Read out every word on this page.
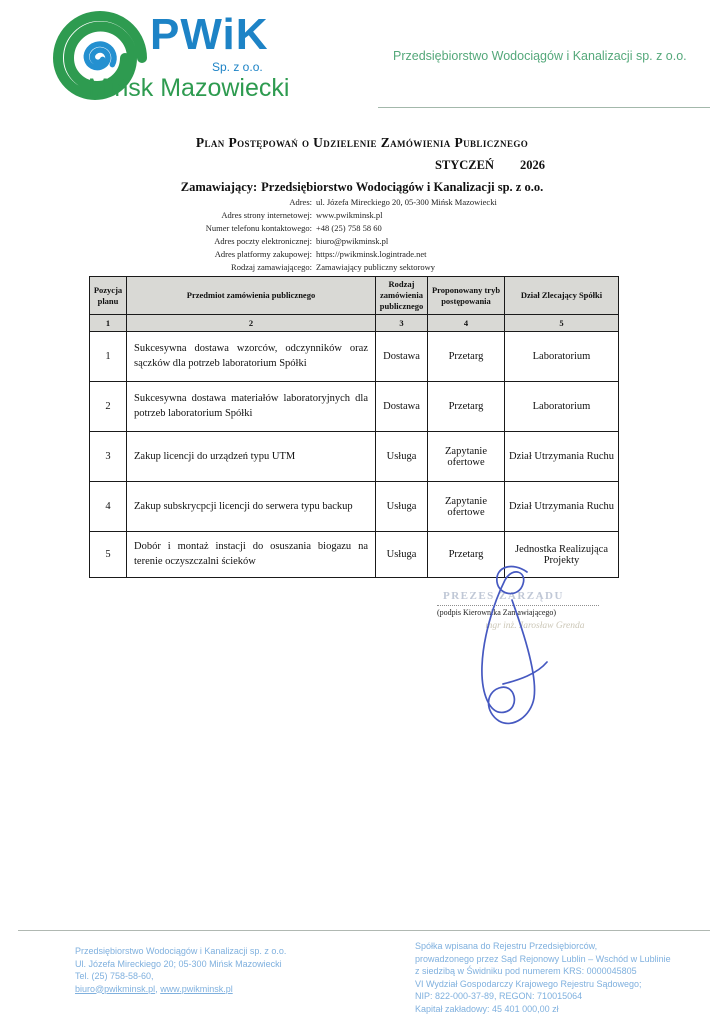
PWiK
Sp. z o.o.
Mińsk Mazowiecki
Przedsiębiorstwo Wodociągów i Kanalizacji sp. z o.o.
Plan Postępowań o Udzielenie Zamówienia Publicznego
STYCZEŃ 2026
Zamawiający: Przedsiębiorstwo Wodociągów i Kanalizacji sp. z o.o.
Adres: ul. Józefa Mireckiego 20, 05-300 Mińsk Mazowiecki
Adres strony internetowej: www.pwikminsk.pl
Numer telefonu kontaktowego: +48 (25) 758 58 60
Adres poczty elektronicznej: biuro@pwikminsk.pl
Adres platformy zakupowej: https://pwikminsk.logintrade.net
Rodzaj zamawiającego: Zamawiający publiczny sektorowy
Pozycja planu	Przedmiot zamówienia publicznego	Rodzaj zamówienia publicznego	Proponowany tryb postępowania	Dział Zlecający Spółki
1	2	3	4	5
1	Sukcesywna dostawa wzorców, odczynników oraz sączków dla potrzeb laboratorium Spółki	Dostawa	Przetarg	Laboratorium
2	Sukcesywna dostawa materiałów laboratoryjnych dla potrzeb laboratorium Spółki	Dostawa	Przetarg	Laboratorium
3	Zakup licencji do urządzeń typu UTM	Usługa	Zapytanie ofertowe	Dział Utrzymania Ruchu
4	Zakup subskrycpcji licencji do serwera typu backup	Usługa	Zapytanie ofertowe	Dział Utrzymania Ruchu
5	Dobór i montaż instacji do osuszania biogazu na terenie oczyszczalni ścieków	Usługa	Przetarg	Jednostka Realizująca Projekty
PREZES ZARZĄDU
(podpis Kierownika Zamawiającego)
mgr inż. Jarosław Grenda
Przedsiębiorstwo Wodociągów i Kanalizacji sp. z o.o.
Ul. Józefa Mireckiego 20; 05-300 Mińsk Mazowiecki
Tel. (25) 758-58-60,
biuro@pwikminsk.pl, www.pwikminsk.pl
Spółka wpisana do Rejestru Przedsiębiorców,
prowadzonego przez Sąd Rejonowy Lublin – Wschód w Lublinie
z siedzibą w Świdniku pod numerem KRS: 0000045805
VI Wydział Gospodarczy Krajowego Rejestru Sądowego;
NIP: 822-000-37-89, REGON: 710015064
Kapitał zakładowy: 45 401 000,00 zł
